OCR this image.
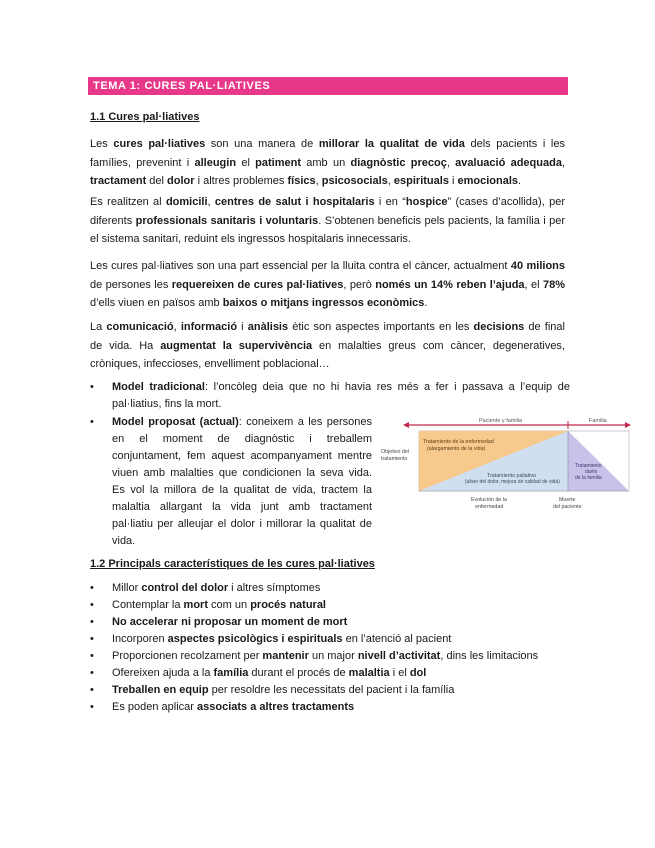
TEMA 1: CURES PAL·LIATIVES
1.1 Cures pal·liatives

Les cures pal·liatives son una manera de millorar la qualitat de vida dels pacients i les famílies, prevenint i alleugin el patiment amb un diagnòstic precoç, avaluació adequada, tractament del dolor i altres problemes físics, psicosocials, espirituals i emocionals.

Es realitzen al domicili, centres de salut i hospitalaris i en “hospice” (cases d’acollida), per diferents professionals sanitaris i voluntaris. S’obtenen beneficis pels pacients, la família i per el sistema sanitari, reduint els ingressos hospitalaris innecessaris.

Les cures pal·liatives son una part essencial per la lluita contra el càncer, actualment 40 milions de persones les requereixen de cures pal·liatives, però només un 14% reben l’ajuda, el 78% d’ells viuen en països amb baixos o mitjans ingressos econòmics.

La comunicació, informació i anàlisis ètic son aspectes importants en les decisions de final de vida. Ha augmentat la supervivència en malalties greus com càncer, degeneratives, cròniques, infeccioses, envelliment poblacional…

•	Model tradicional: l’oncòleg deia que no hi havia res més a fer i passava a l’equip de pal·liatius, fins la mort.
•	Model proposat (actual): coneixem a les persones en el moment de diagnòstic i treballem conjuntament, fem aquest acompanyament mentre viuen amb malalties que condicionen la seva vida. Es vol la millora de la qualitat de vida, tractem la malaltia allargant la vida junt amb tractament pal·liatiu per alleujar el dolor i millorar la qualitat de vida.
Paciente y familia	Familia
Objetivo del
tratamiento
Tratamiento de la enfermedad
(alargamiento de la vida)
Tratamiento paliativo
(alivio del dolor, mejora de calidad de vida)
Tratamiento
duelo
de la familia
Evolución de la
enfermedad
Muerte
del paciente
1.2 Principals característiques de les cures pal·liatives
• Millor control del dolor i altres símptomes
• Contemplar la mort com un procés natural
• No accelerar ni proposar un moment de mort
• Incorporen aspectes psicològics i espirituals en l’atenció al pacient
• Proporcionen recolzament per mantenir un major nivell d’activitat, dins les limitacions
• Ofereixen ajuda a la família durant el procés de malaltia i el dol
• Treballen en equip per resoldre les necessitats del pacient i la família
• Es poden aplicar associats a altres tractaments
